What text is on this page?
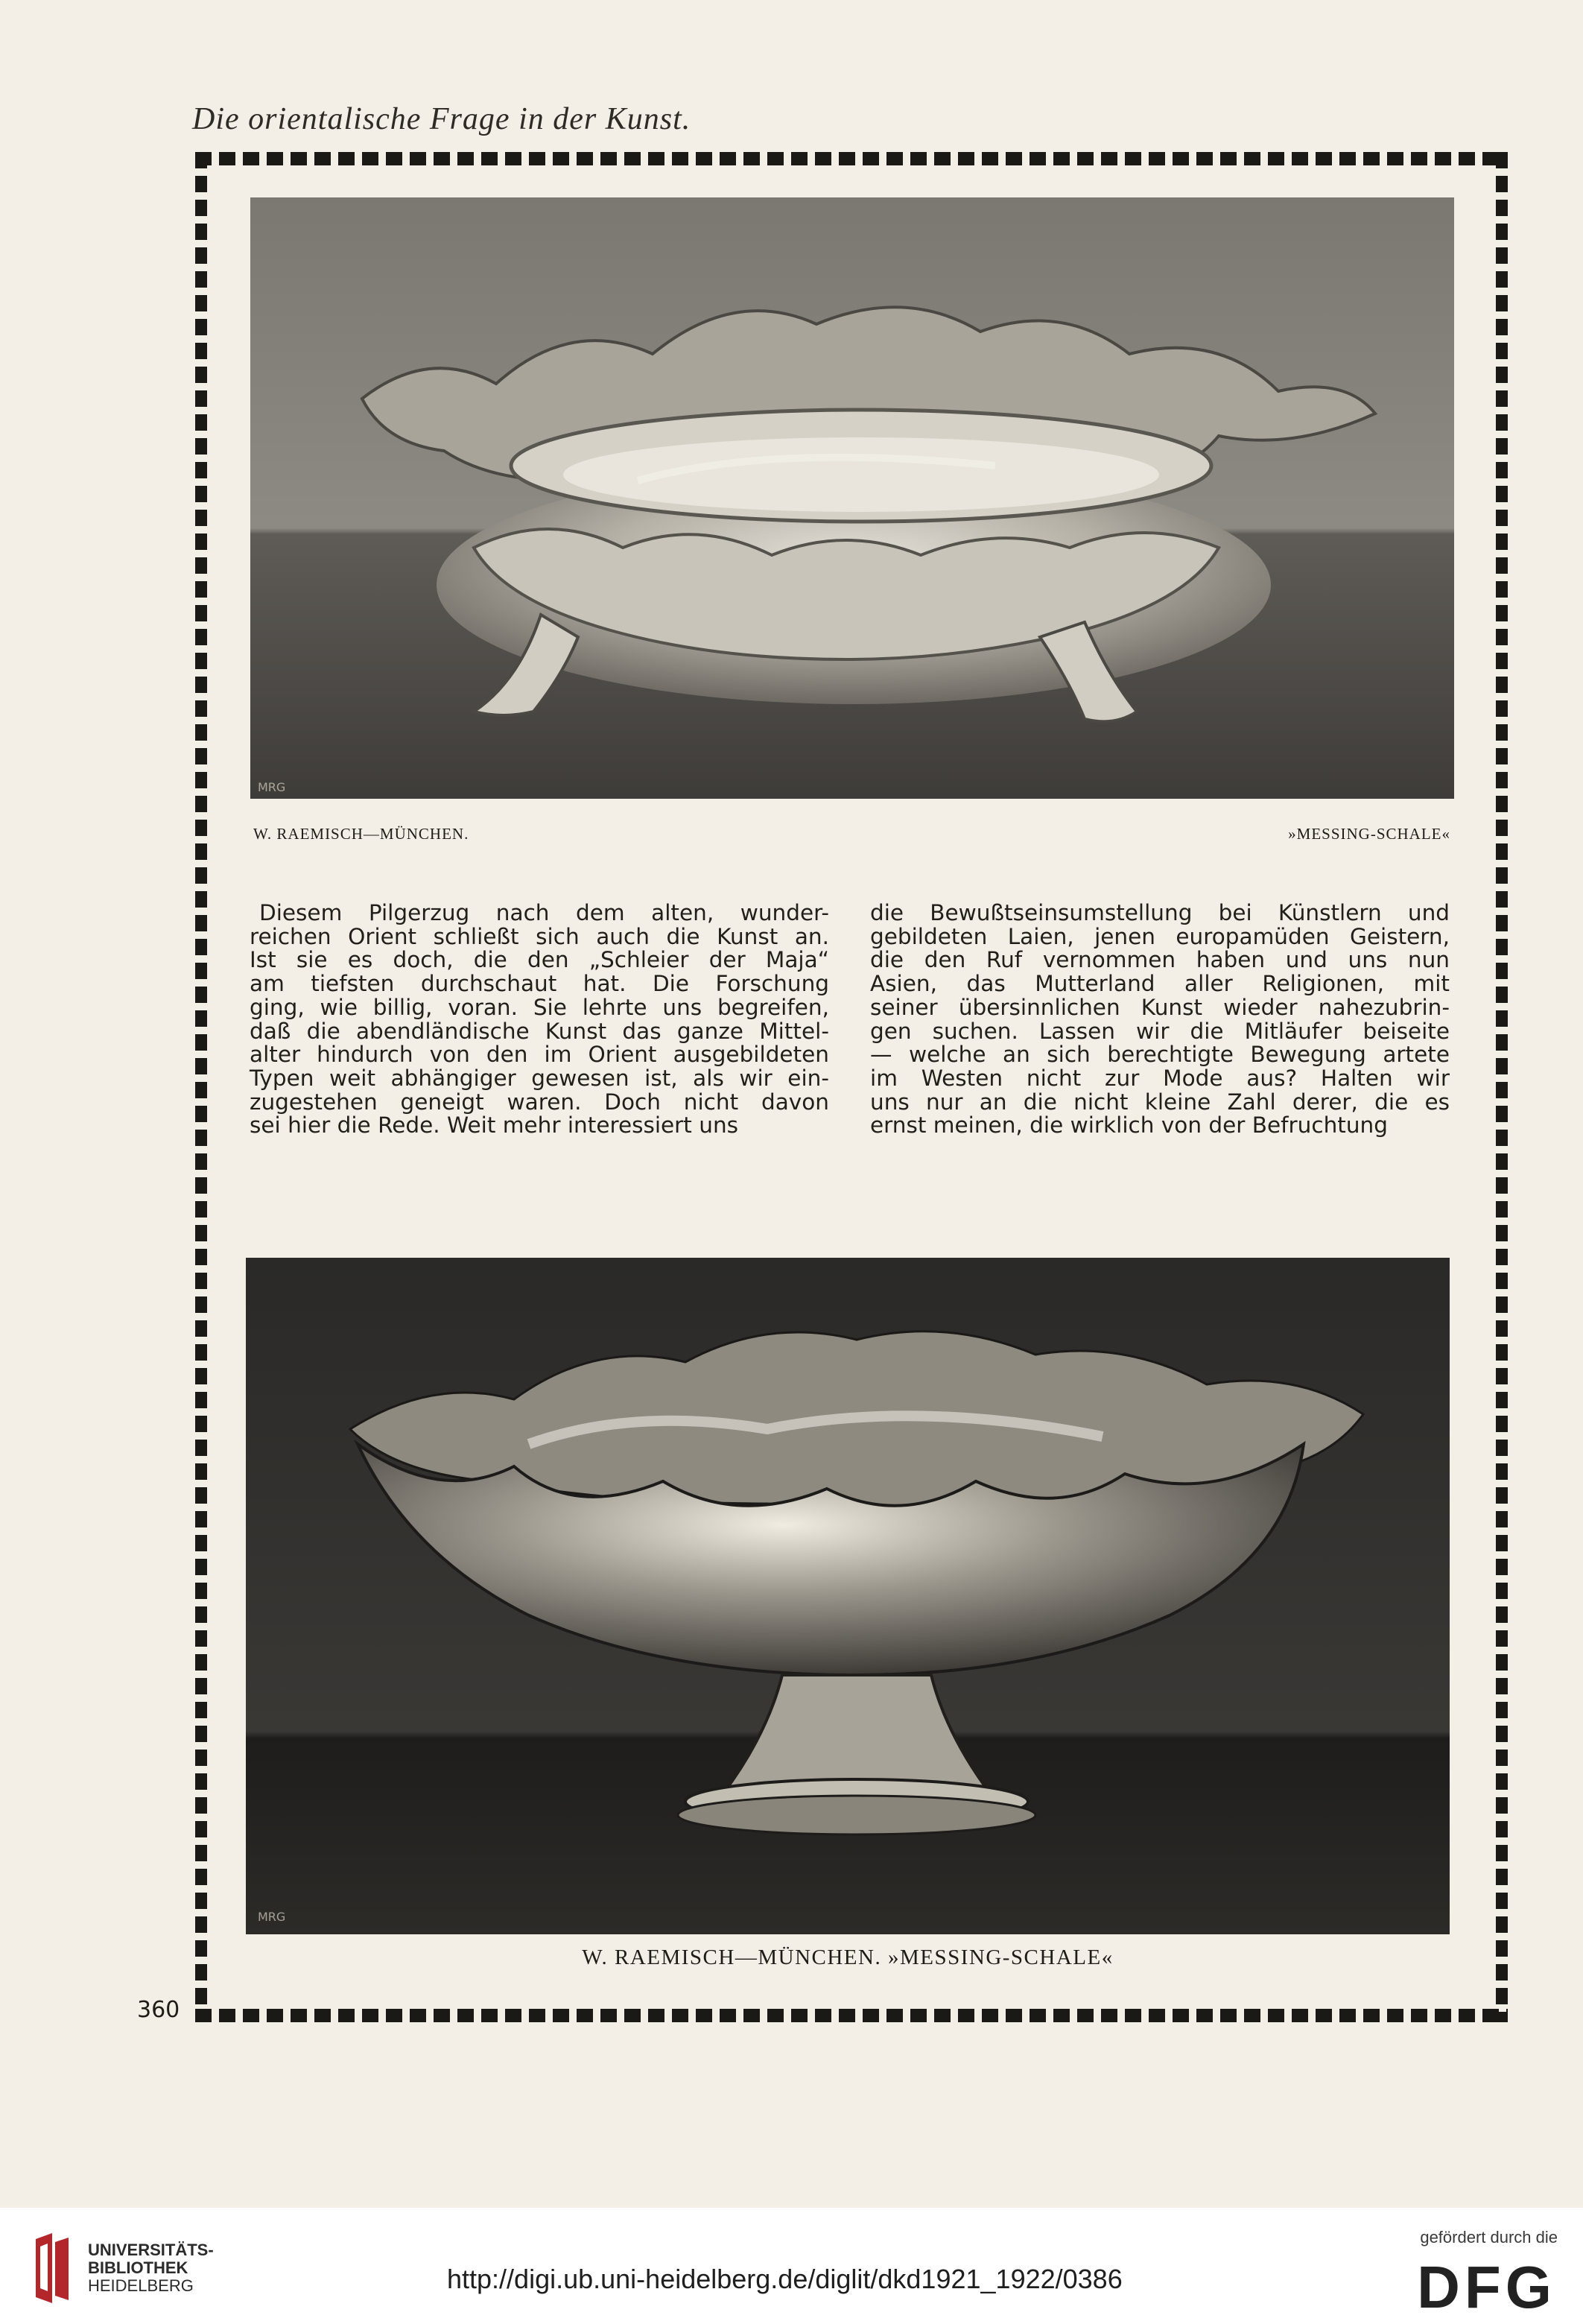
Die orientalische Frage in der Kunst.
MRG
W. RAEMISCH—MÜNCHEN.	»MESSING-SCHALE«
Diesem Pilgerzug nach dem alten, wunder-
reichen Orient schließt sich auch die Kunst an.
Ist sie es doch, die den „Schleier der Maja“
am tiefsten durchschaut hat. Die Forschung
ging, wie billig, voran. Sie lehrte uns begreifen,
daß die abendländische Kunst das ganze Mittel-
alter hindurch von den im Orient ausgebildeten
Typen weit abhängiger gewesen ist, als wir ein-
zugestehen geneigt waren. Doch nicht davon
sei hier die Rede. Weit mehr interessiert uns
die Bewußtseinsumstellung bei Künstlern und
gebildeten Laien, jenen europamüden Geistern,
die den Ruf vernommen haben und uns nun
Asien, das Mutterland aller Religionen, mit
seiner übersinnlichen Kunst wieder nahezubrin-
gen suchen. Lassen wir die Mitläufer beiseite
— welche an sich berechtigte Bewegung artete
im Westen nicht zur Mode aus? Halten wir
uns nur an die nicht kleine Zahl derer, die es
ernst meinen, die wirklich von der Befruchtung
MRG
W. RAEMISCH—MÜNCHEN. »MESSING-SCHALE«
360
UNIVERSITÄTS-
BIBLIOTHEK
HEIDELBERG	http://digi.ub.uni-heidelberg.de/diglit/dkd1921_1922/0386
gefördert durch die
DFG
